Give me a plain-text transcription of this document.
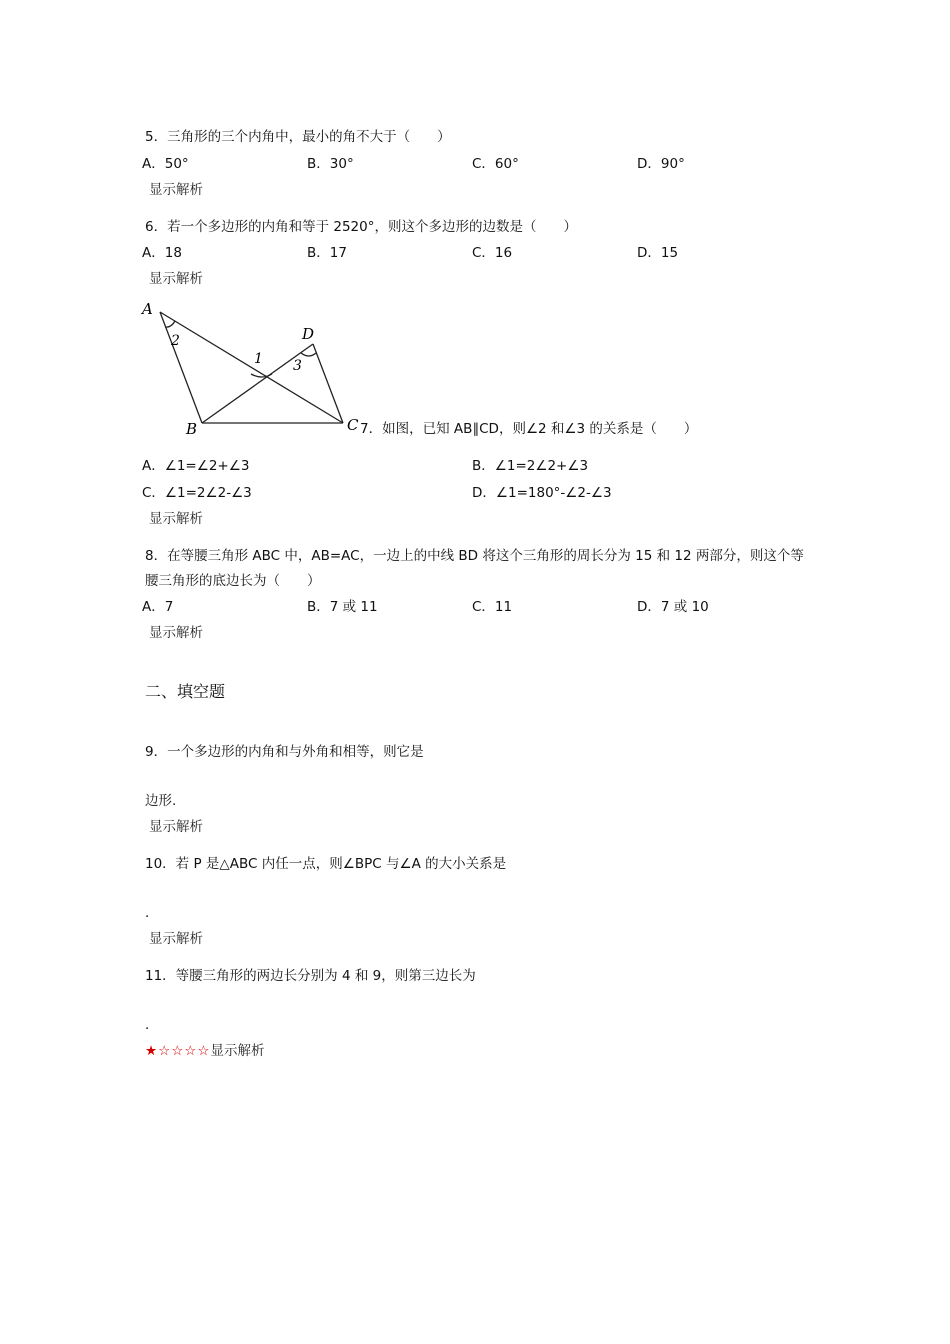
5．三角形的三个内角中，最小的角不大于（　　）
A．50°	B．30°	C．60°	D．90°
显示解析
6．若一个多边形的内角和等于 2520°，则这个多边形的边数是（　　）
A．18	B．17	C．16	D．15
显示解析
A
B	C
D
1
2
3
7．如图，已知 AB∥CD，则∠2 和∠3 的关系是（　　）
A．∠1=∠2+∠3	B．∠1=2∠2+∠3
C．∠1=2∠2-∠3	D．∠1=180°-∠2-∠3
显示解析
8．在等腰三角形 ABC 中，AB=AC，一边上的中线 BD 将这个三角形的周长分为 15 和 12 两部分，则这个等
腰三角形的底边长为（　　）
A．7	B．7 或 11	C．11	D．7 或 10
显示解析
二、填空题
9．一个多边形的内角和与外角和相等，则它是
边形.
显示解析
10．若 P 是△ABC 内任一点，则∠BPC 与∠A 的大小关系是
.
显示解析
11．等腰三角形的两边长分别为 4 和 9，则第三边长为
.
★☆☆☆☆显示解析
